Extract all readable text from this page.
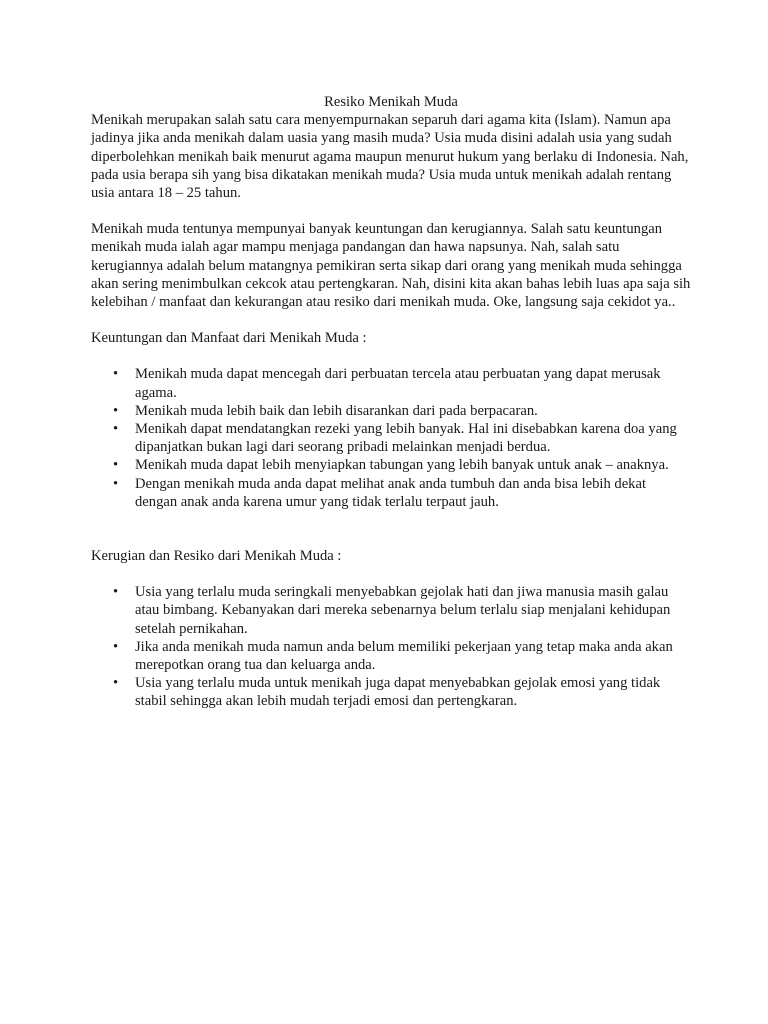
Resiko Menikah Muda

Menikah merupakan salah satu cara menyempurnakan separuh dari agama kita (Islam). Namun apa jadinya jika anda menikah dalam uasia yang masih muda? Usia muda disini adalah usia yang sudah diperbolehkan menikah baik menurut agama maupun menurut hukum yang berlaku di Indonesia. Nah, pada usia berapa sih yang bisa dikatakan menikah muda? Usia muda untuk menikah adalah rentang usia antara 18 – 25 tahun.

Menikah muda tentunya mempunyai banyak keuntungan dan kerugiannya. Salah satu keuntungan menikah muda ialah agar mampu menjaga pandangan dan hawa napsunya. Nah, salah satu kerugiannya adalah belum matangnya pemikiran serta sikap dari orang yang menikah muda sehingga akan sering menimbulkan cekcok atau pertengkaran. Nah, disini kita akan bahas lebih luas apa saja sih kelebihan / manfaat dan kekurangan atau resiko dari menikah muda. Oke, langsung saja cekidot ya..

Keuntungan dan Manfaat dari Menikah Muda :

• Menikah muda dapat mencegah dari perbuatan tercela atau perbuatan yang dapat merusak agama.
• Menikah muda lebih baik dan lebih disarankan dari pada berpacaran.
• Menikah dapat mendatangkan rezeki yang lebih banyak. Hal ini disebabkan karena doa yang dipanjatkan bukan lagi dari seorang pribadi melainkan menjadi berdua.
• Menikah muda dapat lebih menyiapkan tabungan yang lebih banyak untuk anak – anaknya.
• Dengan menikah muda anda dapat melihat anak anda tumbuh dan anda bisa lebih dekat dengan anak anda karena umur yang tidak terlalu terpaut jauh.

Kerugian dan Resiko dari Menikah Muda :

• Usia yang terlalu muda seringkali menyebabkan gejolak hati dan jiwa manusia masih galau atau bimbang. Kebanyakan dari mereka sebenarnya belum terlalu siap menjalani kehidupan setelah pernikahan.
• Jika anda menikah muda namun anda belum memiliki pekerjaan yang tetap maka anda akan merepotkan orang tua dan keluarga anda.
• Usia yang terlalu muda untuk menikah juga dapat menyebabkan gejolak emosi yang tidak stabil sehingga akan lebih mudah terjadi emosi dan pertengkaran.
